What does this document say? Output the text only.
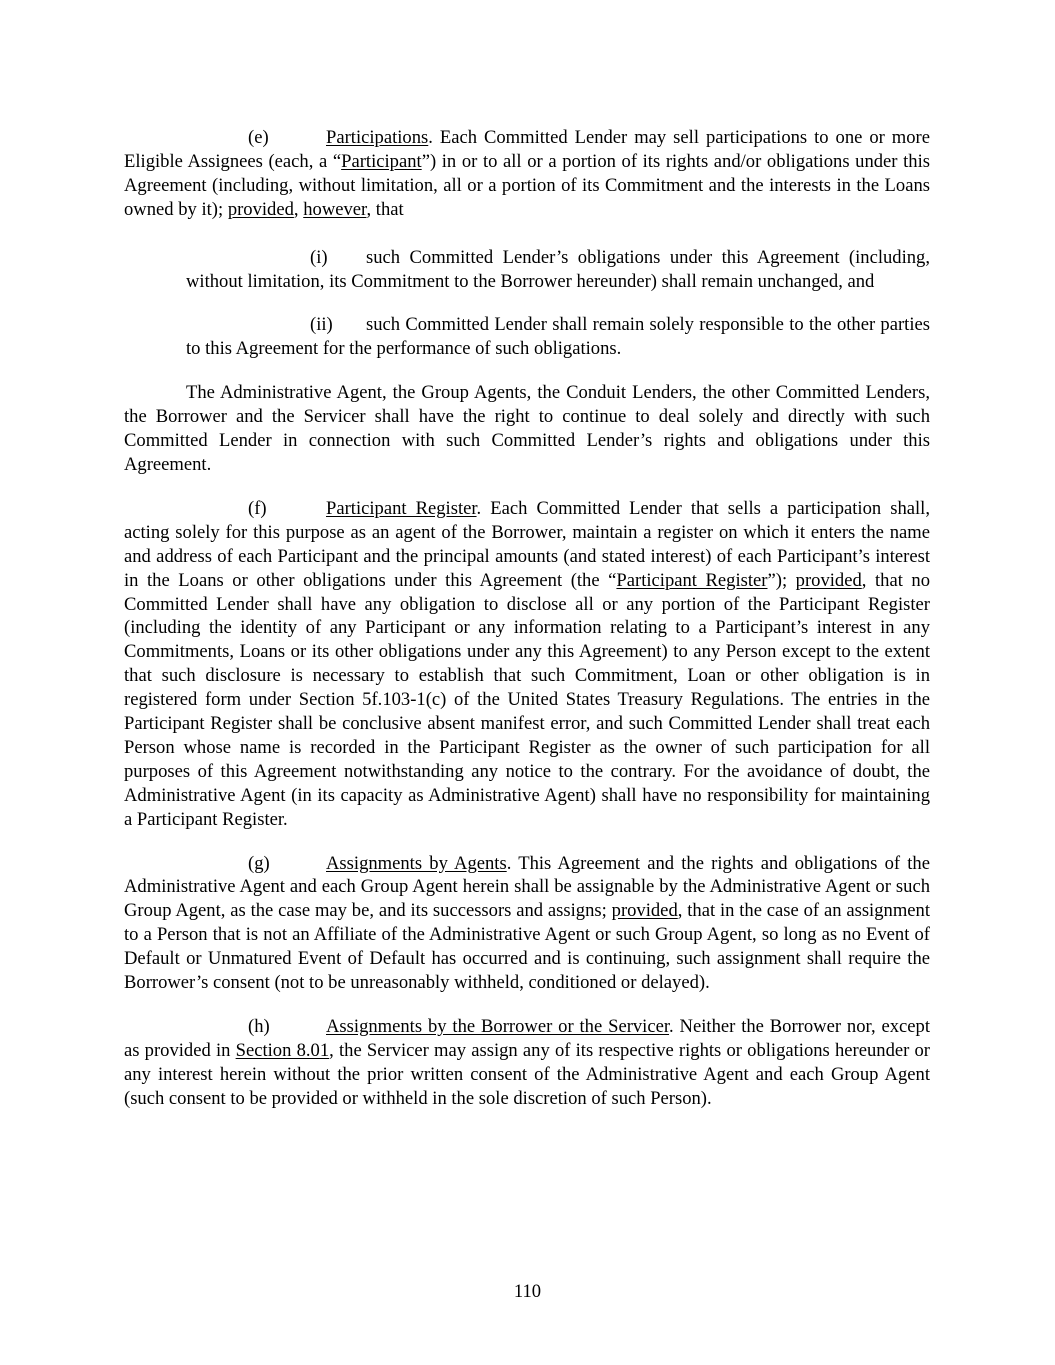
(e)	Participations. Each Committed Lender may sell participations to one or more Eligible Assignees (each, a “Participant”) in or to all or a portion of its rights and/or obligations under this Agreement (including, without limitation, all or a portion of its Commitment and the interests in the Loans owned by it); provided, however, that

(i) such Committed Lender’s obligations under this Agreement (including, without limitation, its Commitment to the Borrower hereunder) shall remain unchanged, and

(ii) such Committed Lender shall remain solely responsible to the other parties to this Agreement for the performance of such obligations.

The Administrative Agent, the Group Agents, the Conduit Lenders, the other Committed Lenders, the Borrower and the Servicer shall have the right to continue to deal solely and directly with such Committed Lender in connection with such Committed Lender’s rights and obligations under this Agreement.

(f)	Participant Register. Each Committed Lender that sells a participation shall, acting solely for this purpose as an agent of the Borrower, maintain a register on which it enters the name and address of each Participant and the principal amounts (and stated interest) of each Participant’s interest in the Loans or other obligations under this Agreement (the “Participant Register”); provided, that no Committed Lender shall have any obligation to disclose all or any portion of the Participant Register (including the identity of any Participant or any information relating to a Participant’s interest in any Commitments, Loans or its other obligations under any this Agreement) to any Person except to the extent that such disclosure is necessary to establish that such Commitment, Loan or other obligation is in registered form under Section 5f.103-1(c) of the United States Treasury Regulations. The entries in the Participant Register shall be conclusive absent manifest error, and such Committed Lender shall treat each Person whose name is recorded in the Participant Register as the owner of such participation for all purposes of this Agreement notwithstanding any notice to the contrary. For the avoidance of doubt, the Administrative Agent (in its capacity as Administrative Agent) shall have no responsibility for maintaining a Participant Register.

(g)	Assignments by Agents. This Agreement and the rights and obligations of the Administrative Agent and each Group Agent herein shall be assignable by the Administrative Agent or such Group Agent, as the case may be, and its successors and assigns; provided, that in the case of an assignment to a Person that is not an Affiliate of the Administrative Agent or such Group Agent, so long as no Event of Default or Unmatured Event of Default has occurred and is continuing, such assignment shall require the Borrower’s consent (not to be unreasonably withheld, conditioned or delayed).

(h)	Assignments by the Borrower or the Servicer. Neither the Borrower nor, except as provided in Section 8.01, the Servicer may assign any of its respective rights or obligations hereunder or any interest herein without the prior written consent of the Administrative Agent and each Group Agent (such consent to be provided or withheld in the sole discretion of such Person).

110
